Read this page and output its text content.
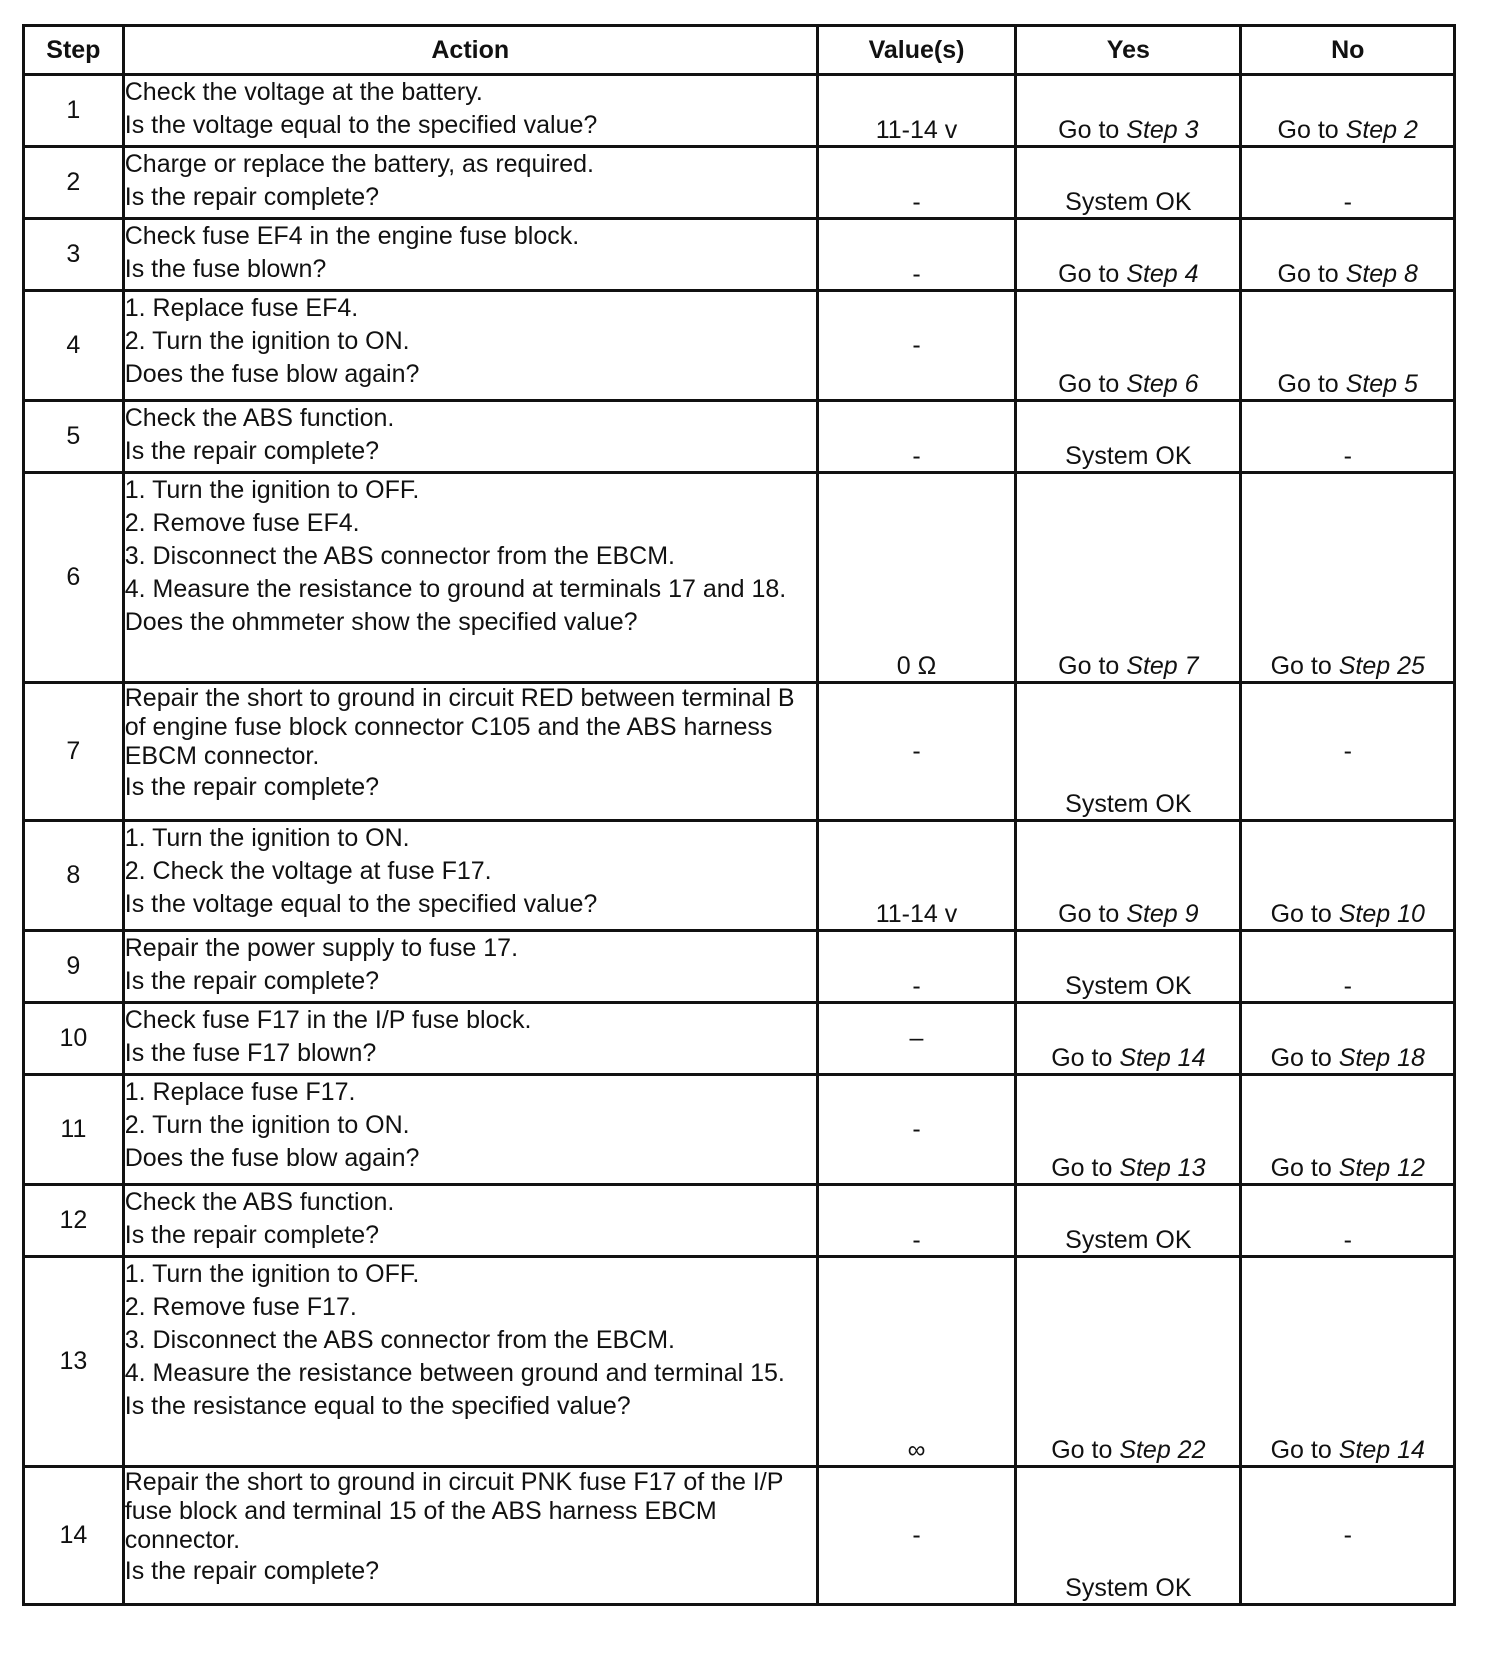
Step	Action	Value(s)	Yes	No
1	Check the voltage at the battery.
Is the voltage equal to the specified value?	11-14 v	Go to Step 3	Go to Step 2
2	Charge or replace the battery, as required.
Is the repair complete?	-	System OK	-
3	Check fuse EF4 in the engine fuse block.
Is the fuse blown?	-	Go to Step 4	Go to Step 8
4	1. Replace fuse EF4.
2. Turn the ignition to ON.
Does the fuse blow again?	-	Go to Step 6	Go to Step 5
5	Check the ABS function.
Is the repair complete?	-	System OK	-
6	1. Turn the ignition to OFF.
2. Remove fuse EF4.
3. Disconnect the ABS connector from the EBCM.
4. Measure the resistance to ground at terminals 17 and 18.
Does the ohmmeter show the specified value?	0 Ω	Go to Step 7	Go to Step 25
7	Repair the short to ground in circuit RED between terminal B of engine fuse block connector C105 and the ABS harness EBCM connector.
Is the repair complete?	-	System OK	-
8	1. Turn the ignition to ON.
2. Check the voltage at fuse F17.
Is the voltage equal to the specified value?	11-14 v	Go to Step 9	Go to Step 10
9	Repair the power supply to fuse 17.
Is the repair complete?	-	System OK	-
10	Check fuse F17 in the I/P fuse block.
Is the fuse F17 blown?	–	Go to Step 14	Go to Step 18
11	1. Replace fuse F17.
2. Turn the ignition to ON.
Does the fuse blow again?	-	Go to Step 13	Go to Step 12
12	Check the ABS function.
Is the repair complete?	-	System OK	-
13	1. Turn the ignition to OFF.
2. Remove fuse F17.
3. Disconnect the ABS connector from the EBCM.
4. Measure the resistance between ground and terminal 15.
Is the resistance equal to the specified value?	∞	Go to Step 22	Go to Step 14
14	Repair the short to ground in circuit PNK fuse F17 of the I/P fuse block and terminal 15 of the ABS harness EBCM connector.
Is the repair complete?	-	System OK	-
